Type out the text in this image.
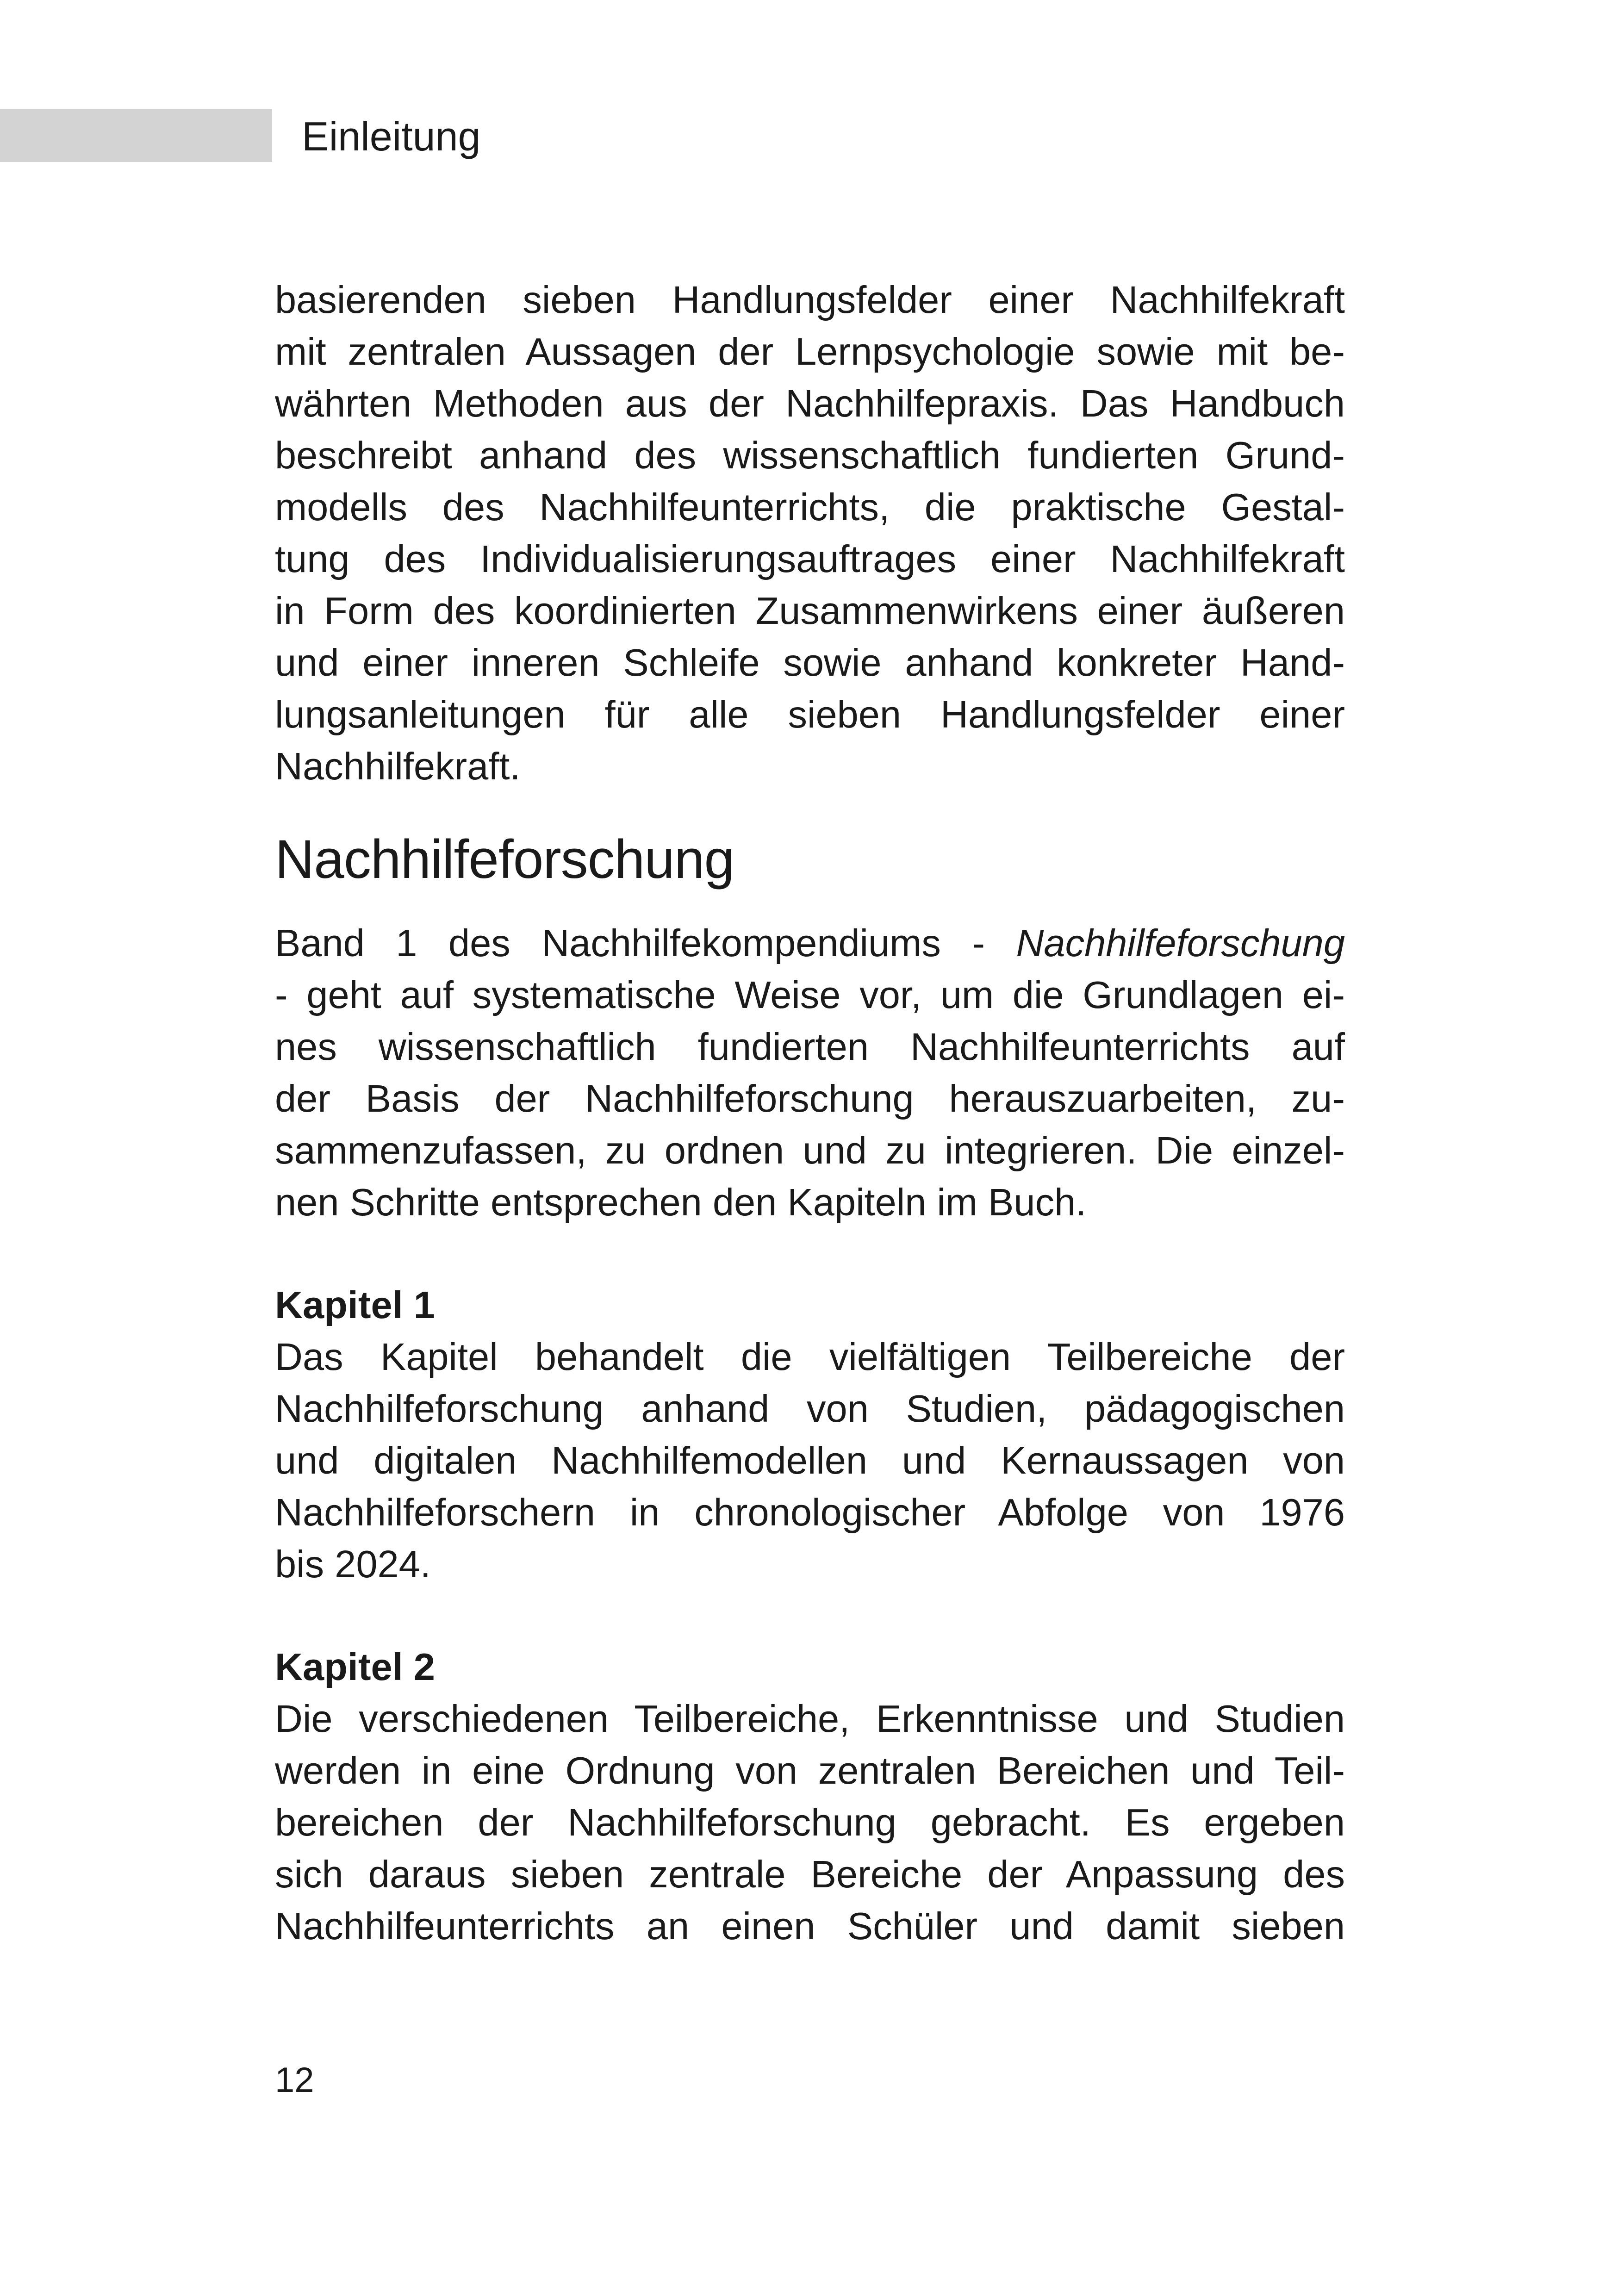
Einleitung

basierenden sieben Handlungsfelder einer Nachhilfekraft
mit zentralen Aussagen der Lernpsychologie sowie mit be-
währten Methoden aus der Nachhilfepraxis. Das Handbuch
beschreibt anhand des wissenschaftlich fundierten Grund-
modells des Nachhilfeunterrichts, die praktische Gestal-
tung des Individualisierungsauftrages einer Nachhilfekraft
in Form des koordinierten Zusammenwirkens einer äußeren
und einer inneren Schleife sowie anhand konkreter Hand-
lungsanleitungen für alle sieben Handlungsfelder einer
Nachhilfekraft.

Nachhilfeforschung

Band 1 des Nachhilfekompendiums - Nachhilfeforschung
- geht auf systematische Weise vor, um die Grundlagen ei-
nes wissenschaftlich fundierten Nachhilfeunterrichts auf
der Basis der Nachhilfeforschung herauszuarbeiten, zu-
sammenzufassen, zu ordnen und zu integrieren. Die einzel-
nen Schritte entsprechen den Kapiteln im Buch.

Kapitel 1

Das Kapitel behandelt die vielfältigen Teilbereiche der
Nachhilfeforschung anhand von Studien, pädagogischen
und digitalen Nachhilfemodellen und Kernaussagen von
Nachhilfeforschern in chronologischer Abfolge von 1976
bis 2024.

Kapitel 2

Die verschiedenen Teilbereiche, Erkenntnisse und Studien
werden in eine Ordnung von zentralen Bereichen und Teil-
bereichen der Nachhilfeforschung gebracht. Es ergeben
sich daraus sieben zentrale Bereiche der Anpassung des
Nachhilfeunterrichts an einen Schüler und damit sieben

12
